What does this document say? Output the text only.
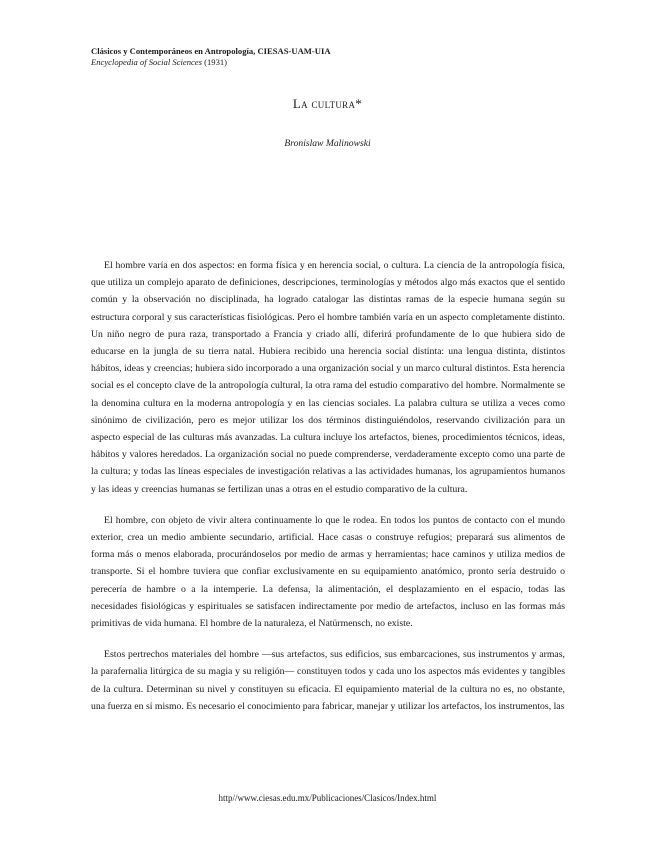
Clásicos y Contemporáneos en Antropología, CIESAS-UAM-UIA
Encyclopedia of Social Sciences (1931)
La cultura*
Bronislaw Malinowski

El hombre varía en dos aspectos: en forma física y en herencia social, o cultura. La ciencia de la antropología física, que utiliza un complejo aparato de definiciones, descripciones, terminologías y métodos algo más exactos que el sentido común y la observación no disciplinada, ha logrado catalogar las distintas ramas de la especie humana según su estructura corporal y sus características fisiológicas. Pero el hombre también varía en un aspecto completamente distinto. Un niño negro de pura raza, transportado a Francia y criado allí, diferirá profundamente de lo que hubiera sido de educarse en la jungla de su tierra natal. Hubiera recibido una herencia social distinta: una lengua distinta, distintos hábitos, ideas y creencias; hubiera sido incorporado a una organización social y un marco cultural distintos. Esta herencia social es el concepto clave de la antropología cultural, la otra rama del estudio comparativo del hombre. Normalmente se la denomina cultura en la moderna antropología y en las ciencias sociales. La palabra cultura se utiliza a veces como sinónimo de civilización, pero es mejor utilizar los dos términos distinguiéndolos, reservando civilización para un aspecto especial de las culturas más avanzadas. La cultura incluye los artefactos, bienes, procedimientos técnicos, ideas, hábitos y valores heredados. La organización social no puede comprenderse, verdaderamente excepto como una parte de la cultura; y todas las líneas especiales de investigación relativas a las actividades humanas, los agrupamientos humanos y las ideas y creencias humanas se fertilizan unas a otras en el estudio comparativo de la cultura.

El hombre, con objeto de vivir altera continuamente lo que le rodea. En todos los puntos de contacto con el mundo exterior, crea un medio ambiente secundario, artificial. Hace casas o construye refugios; preparará sus alimentos de forma más o menos elaborada, procurándoselos por medio de armas y herramientas; hace caminos y utiliza medios de transporte. Si el hombre tuviera que confiar exclusivamente en su equipamiento anatómico, pronto sería destruido o perecería de hambre o a la intemperie. La defensa, la alimentación, el desplazamiento en el espacio, todas las necesidades fisiológicas y espirituales se satisfacen indirectamente por medio de artefactos, incluso en las formas más primitivas de vida humana. El hombre de la naturaleza, el Natürmensch, no existe.

Estos pertrechos materiales del hombre —sus artefactos, sus edificios, sus embarcaciones, sus instrumentos y armas, la parafernalia litúrgica de su magia y su religión— constituyen todos y cada uno los aspectos más evidentes y tangibles de la cultura. Determinan su nivel y constituyen su eficacia. El equipamiento material de la cultura no es, no obstante, una fuerza en sí mismo. Es necesario el conocimiento para fabricar, manejar y utilizar los artefactos, los instrumentos, las

http//www.ciesas.edu.mx/Publicaciones/Clasicos/Index.html
